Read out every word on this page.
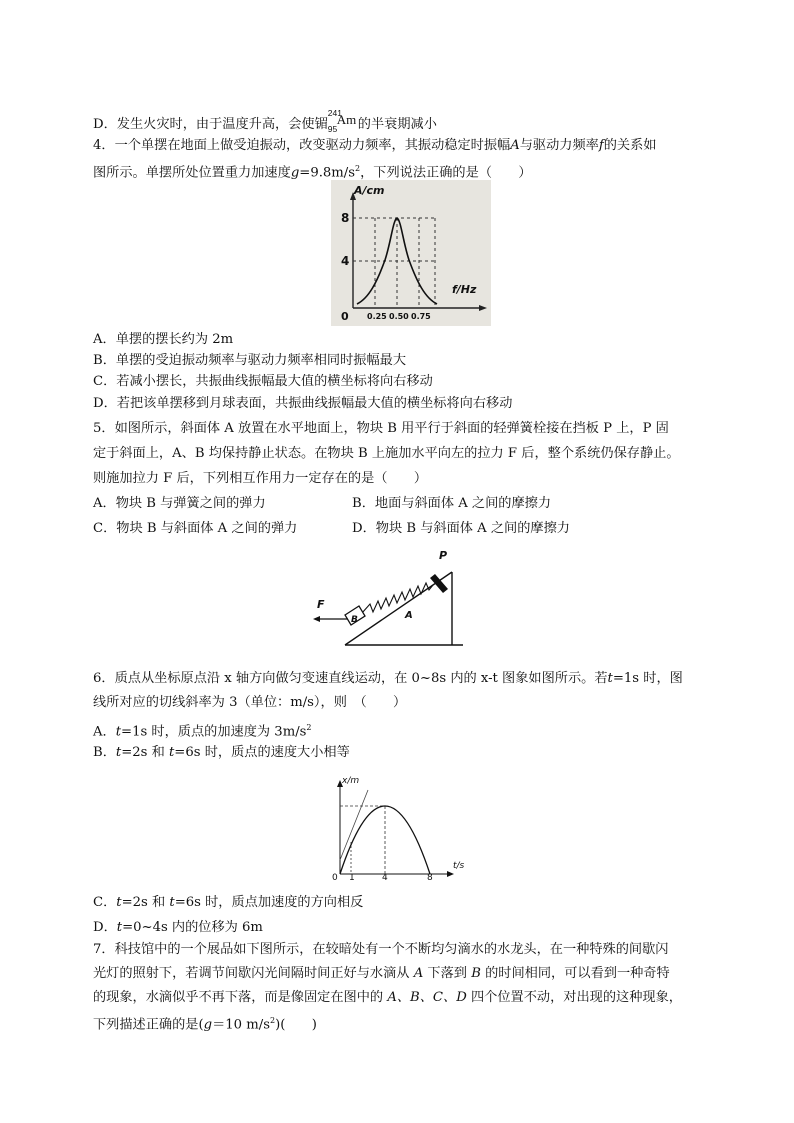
D．发生火灾时，由于温度升高，会使镅
241
95
Am 的半衰期减小
4．一个单摆在地面上做受迫振动，改变驱动力频率，其振动稳定时振幅A与驱动力频率f的关系如
图所示。单摆所处位置重力加速度$g=9.8m/s^2$，下列说法正确的是（　　）
A/cm
f/Hz
8
4
0 0.25 0.50 0.75
A．单摆的摆长约为 2m
B．单摆的受迫振动频率与驱动力频率相同时振幅最大
C．若减小摆长，共振曲线振幅最大值的横坐标将向右移动
D．若把该单摆移到月球表面，共振曲线振幅最大值的横坐标将向右移动
5．如图所示，斜面体 A 放置在水平地面上，物块 B 用平行于斜面的轻弹簧栓接在挡板 P 上，P 固
定于斜面上，A、B 均保持静止状态。在物块 B 上施加水平向左的拉力 F 后，整个系统仍保存静止。
则施加拉力 F 后，下列相互作用力一定存在的是（　　）
A．物块 B 与弹簧之间的弹力	B．地面与斜面体 A 之间的摩擦力
C．物块 B 与斜面体 A 之间的弹力	D．物块 B 与斜面体 A 之间的摩擦力
F
B	A
P
6．质点从坐标原点沿 x 轴方向做匀变速直线运动，在 0~8s 内的 x-t 图象如图所示。若t=1s 时，图
线所对应的切线斜率为 3（单位：m/s），则　（　　）
A．t=1s 时，质点的加速度为 $3m/s^2$
B．t=2s 和 t=6s 时，质点的速度大小相等
x/m
t/s
0 1	4	8
C．t=2s 和 t=6s 时，质点加速度的方向相反
D．t=0~4s 内的位移为 6m
7．科技馆中的一个展品如下图所示，在较暗处有一个不断均匀滴水的水龙头，在一种特殊的间歇闪
光灯的照射下，若调节间歇闪光间隔时间正好与水滴从 A 下落到 B 的时间相同，可以看到一种奇特
的现象，水滴似乎不再下落，而是像固定在图中的 A、B、C、D 四个位置不动，对出现的这种现象，
下列描述正确的是(g＝10 $m/s^2$)(　　)
